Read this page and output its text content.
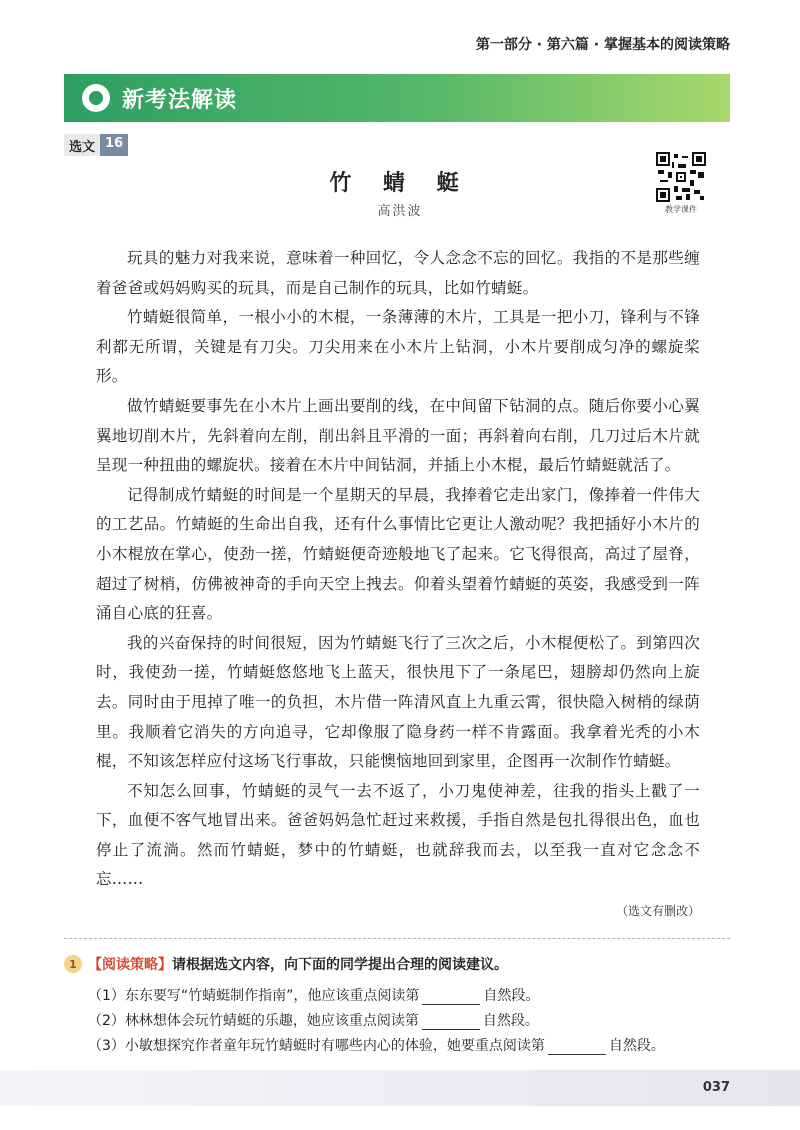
第一部分 · 第六篇 · 掌握基本的阅读策略
新考法解读
选文 16
竹 蜻 蜓
高洪波	教学课件

玩具的魅力对我来说，意味着一种回忆，令人念念不忘的回忆。我指的不是那些缠着爸爸或妈妈购买的玩具，而是自己制作的玩具，比如竹蜻蜓。

竹蜻蜓很简单，一根小小的木棍，一条薄薄的木片，工具是一把小刀，锋利与不锋利都无所谓，关键是有刀尖。刀尖用来在小木片上钻洞，小木片要削成匀净的螺旋桨形。

做竹蜻蜓要事先在小木片上画出要削的线，在中间留下钻洞的点。随后你要小心翼翼地切削木片，先斜着向左削，削出斜且平滑的一面；再斜着向右削，几刀过后木片就呈现一种扭曲的螺旋状。接着在木片中间钻洞，并插上小木棍，最后竹蜻蜓就活了。

记得制成竹蜻蜓的时间是一个星期天的早晨，我捧着它走出家门，像捧着一件伟大的工艺品。竹蜻蜓的生命出自我，还有什么事情比它更让人激动呢？我把插好小木片的小木棍放在掌心，使劲一搓，竹蜻蜓便奇迹般地飞了起来。它飞得很高，高过了屋脊，超过了树梢，仿佛被神奇的手向天空上拽去。仰着头望着竹蜻蜓的英姿，我感受到一阵涌自心底的狂喜。

我的兴奋保持的时间很短，因为竹蜻蜓飞行了三次之后，小木棍便松了。到第四次时，我使劲一搓，竹蜻蜓悠悠地飞上蓝天，很快甩下了一条尾巴，翅膀却仍然向上旋去。同时由于甩掉了唯一的负担，木片借一阵清风直上九重云霄，很快隐入树梢的绿荫里。我顺着它消失的方向追寻，它却像服了隐身药一样不肯露面。我拿着光秃的小木棍，不知该怎样应付这场飞行事故，只能懊恼地回到家里，企图再一次制作竹蜻蜓。

不知怎么回事，竹蜻蜓的灵气一去不返了，小刀鬼使神差，往我的指头上戳了一下，血便不客气地冒出来。爸爸妈妈急忙赶过来救援，手指自然是包扎得很出色，血也停止了流淌。然而竹蜻蜓，梦中的竹蜻蜓，也就辞我而去，以至我一直对它念念不忘……

（选文有删改）
1 【阅读策略】 请根据选文内容，向下面的同学提出合理的阅读建议。
（1）东东要写“竹蜻蜓制作指南”，他应该重点阅读第	自然段。
（2）林林想体会玩竹蜻蜓的乐趣，她应该重点阅读第	自然段。
（3）小敏想探究作者童年玩竹蜻蜓时有哪些内心的体验，她要重点阅读第	自然段。
037
